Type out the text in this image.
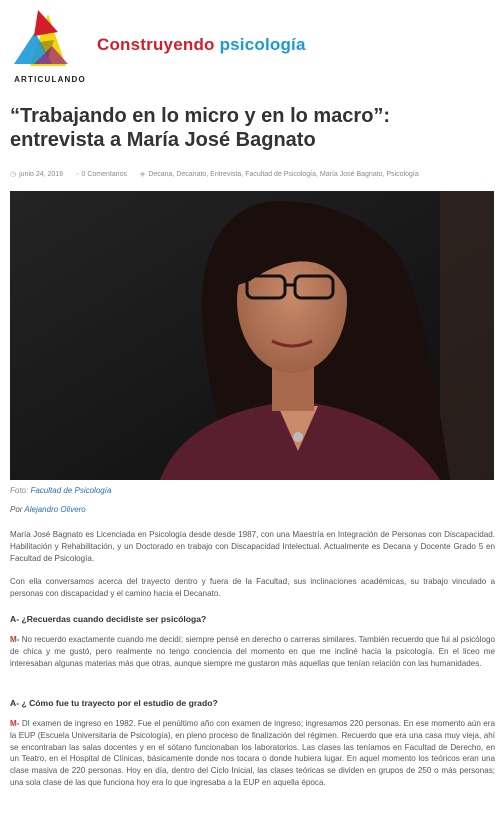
ARTICULANDO
Construyendo psicología
“Trabajando en lo micro y en lo macro”:
entrevista a María José Bagnato
◷ junio 24, 2016 ▫ 0 Comentarios ◈ Decana, Decanato, Entrevista, Facultad de Psicología, María José Bagnato, Psicología
Foto: Facultad de Psicología
Por Alejandro Olivero

María José Bagnato es Licenciada en Psicología desde desde 1987, con una Maestría en Integración de Personas con Discapacidad. Habilitación y Rehabilitación, y un Doctorado en trabajo con Discapacidad Intelectual. Actualmente es Decana y Docente Grado 5 en Facultad de Psicología.

Con ella conversamos acerca del trayecto dentro y fuera de la Facultad, sus inclinaciones académicas, su trabajo vinculado a personas con discapacidad y el camino hacia el Decanato.

A- ¿Recuerdas cuando decidiste ser psicóloga?

M- No recuerdo exactamente cuando me decidí; siempre pensé en derecho o carreras similares. También recuerdo que fui al psicólogo de chica y me gustó, pero realmente no tengo conciencia del momento en que me incliné hacia la psicología. En el liceo me interesaban algunas materias más que otras, aunque siempre me gustaron más aquellas que tenían relación con las humanidades.

A- ¿ Cómo fue tu trayecto por el estudio de grado?

M- DI examen de ingreso en 1982. Fue el penúltimo año con examen de ingreso; ingresamos 220 personas. En ese momento aún era la EUP (Escuela Universitaria de Psicología), en pleno proceso de finalización del régimen. Recuerdo que era una casa muy vieja, ahí se encontraban las salas docentes y en el sótano funcionaban los laboratorios. Las clases las teníamos en Facultad de Derecho, en un Teatro, en el Hospital de Clínicas, básicamente donde nos tocara o donde hubiera lugar. En aquel momento los teóricos eran una clase masiva de 220 personas. Hoy en día, dentro del Ciclo Inicial, las clases teóricas se dividen en grupos de 250 o más personas; una sola clase de las que funciona hoy era lo que ingresaba a la EUP en aquella época.
